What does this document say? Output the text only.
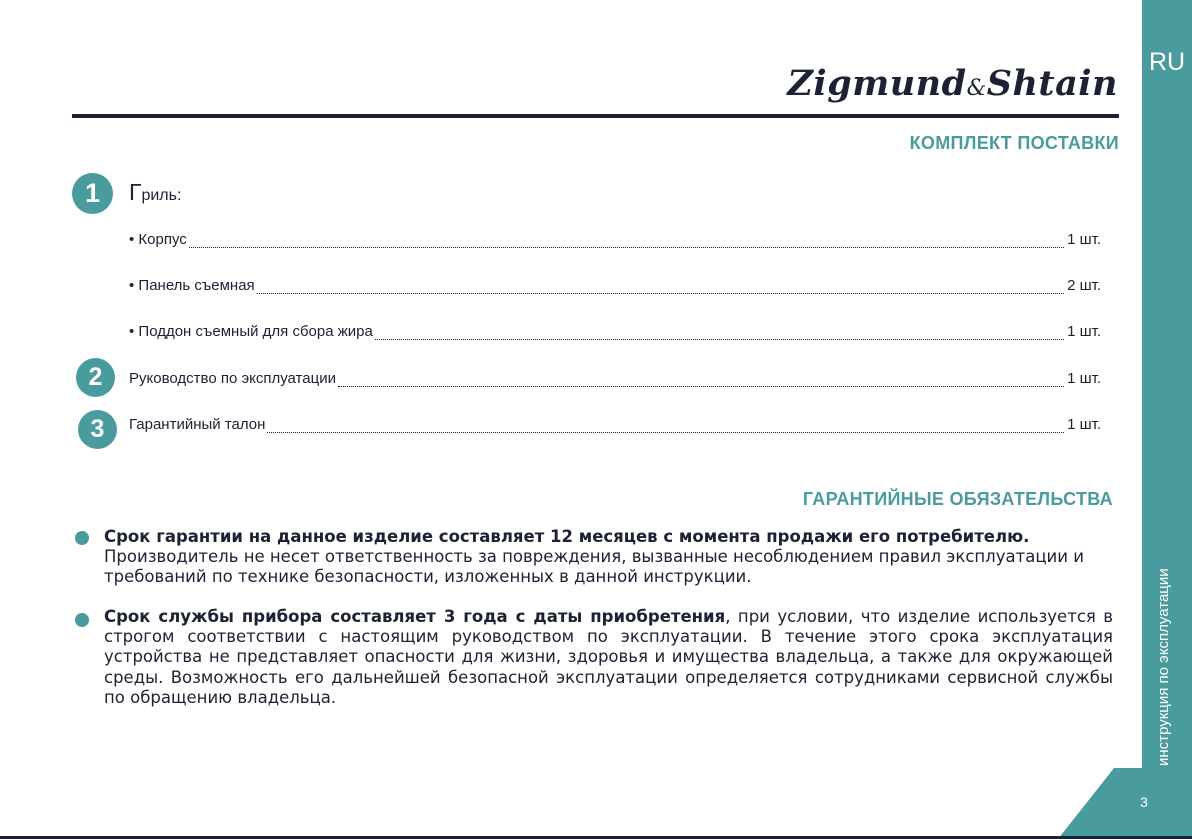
RU
инструкция по эксплуатации
3
Zigmund&Shtain
КОМПЛЕКТ ПОСТАВКИ
1	Гриль:
• Корпус	1 шт.
• Панель съемная	2 шт.
• Поддон съемный для сбора жира	1 шт.
2	Руководство по эксплуатации	1 шт.
3	Гарантийный талон	1 шт.
ГАРАНТИЙНЫЕ ОБЯЗАТЕЛЬСТВА

Срок гарантии на данное изделие составляет 12 месяцев с момента продажи его потребителю.
Производитель не несет ответственность за повреждения, вызванные несоблюдением правил эксплуатации и требований по технике безопасности, изложенных в данной инструкции.

Срок службы прибора составляет 3 года с даты приобретения, при условии, что изделие используется в строгом соответствии с настоящим руководством по эксплуатации. В течение этого срока эксплуатация устройства не представляет опасности для жизни, здоровья и имущества владельца, а также для окружающей среды. Возможность его дальнейшей безопасной эксплуатации определяется сотрудниками сервисной службы по обращению владельца.
